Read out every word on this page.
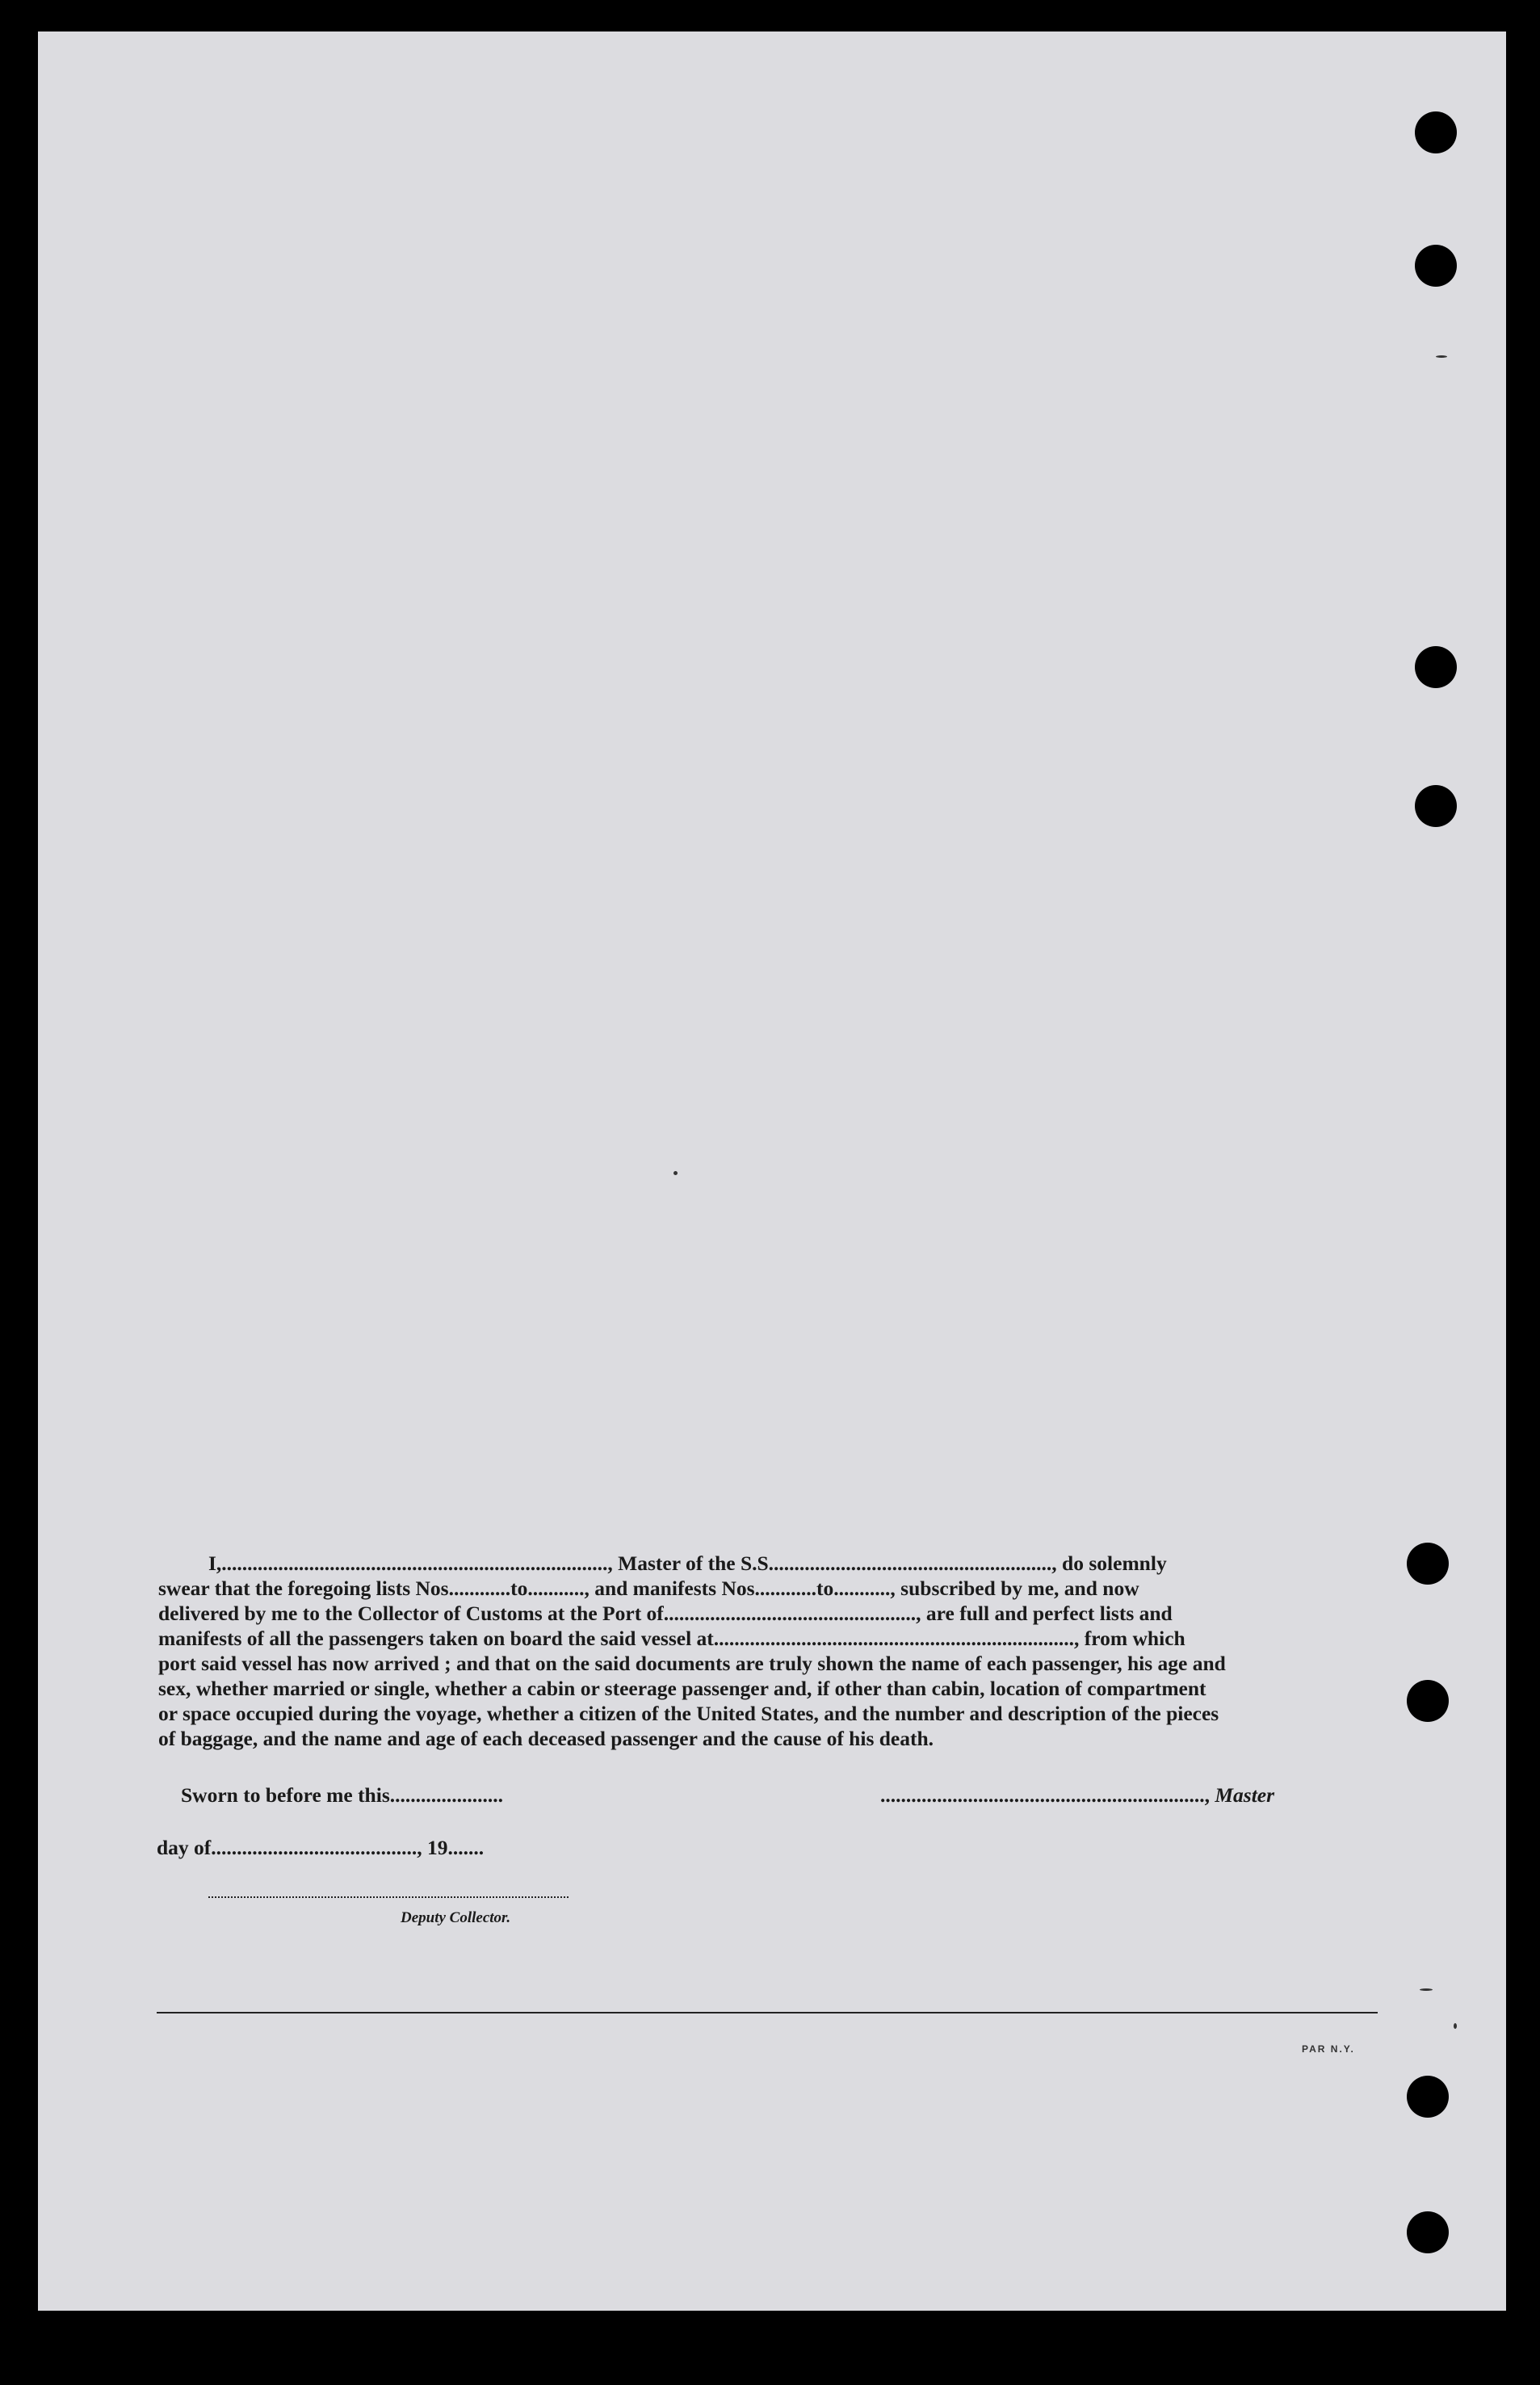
I,..........................................................................., Master of the S.S......................................................., do solemnly

swear that the foregoing lists Nos............to..........., and manifests Nos............to..........., subscribed by me, and now
delivered by me to the Collector of Customs at the Port of................................................., are full and perfect lists and
manifests of all the passengers taken on board the said vessel at......................................................................, from which
port said vessel has now arrived ; and that on the said documents are truly shown the name of each passenger, his age and
sex, whether married or single, whether a cabin or steerage passenger and, if other than cabin, location of compartment
or space occupied during the voyage, whether a citizen of the United States, and the number and description of the pieces
of baggage, and the name and age of each deceased passenger and the cause of his death.
Sworn to before me this......................	..............................................................., Master
day of........................................, 19.......
Deputy Collector.
PAR N.Y.
